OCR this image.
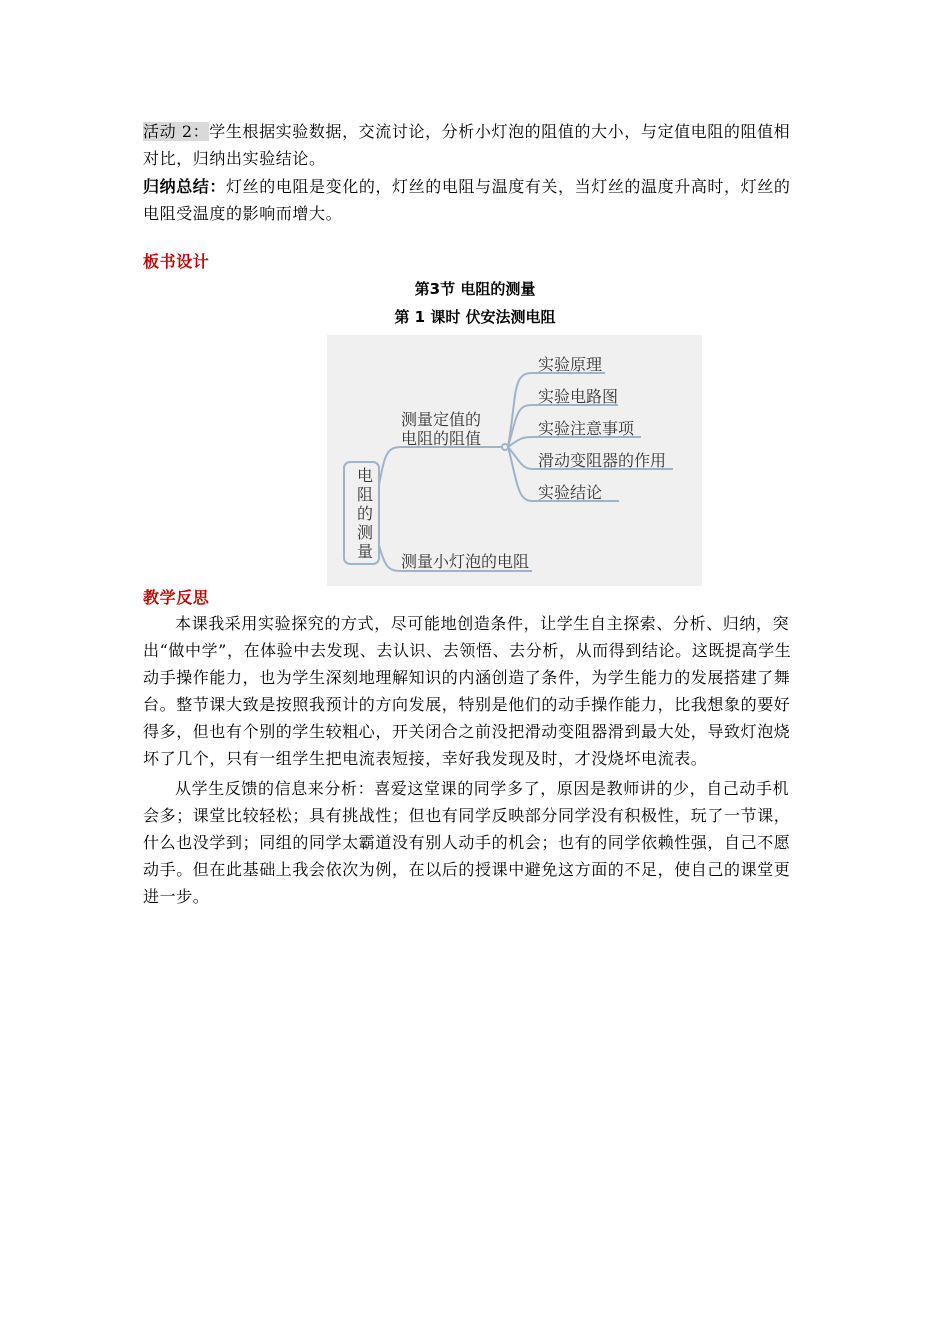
活动 2：学生根据实验数据，交流讨论，分析小灯泡的阻值的大小，与定值电阻的阻值相对比，归纳出实验结论。

归纳总结：灯丝的电阻是变化的，灯丝的电阻与温度有关，当灯丝的温度升高时，灯丝的电阻受温度的影响而增大。

板书设计

第3节 电阻的测量
第 1 课时 伏安法测电阻
电
阻
的
测
量
测量定值的
电阻的阻值
实验原理
实验电路图
实验注意事项
滑动变阻器的作用
实验结论
测量小灯泡的电阻

教学反思

本课我采用实验探究的方式，尽可能地创造条件，让学生自主探索、分析、归纳，突出“做中学”，在体验中去发现、去认识、去领悟、去分析，从而得到结论。这既提高学生动手操作能力，也为学生深刻地理解知识的内涵创造了条件，为学生能力的发展搭建了舞台。整节课大致是按照我预计的方向发展，特别是他们的动手操作能力，比我想象的要好得多，但也有个别的学生较粗心，开关闭合之前没把滑动变阻器滑到最大处，导致灯泡烧坏了几个，只有一组学生把电流表短接，幸好我发现及时，才没烧坏电流表。

从学生反馈的信息来分析：喜爱这堂课的同学多了，原因是教师讲的少，自己动手机会多；课堂比较轻松；具有挑战性；但也有同学反映部分同学没有积极性，玩了一节课，什么也没学到；同组的同学太霸道没有别人动手的机会；也有的同学依赖性强，自己不愿动手。但在此基础上我会依次为例，在以后的授课中避免这方面的不足，使自己的课堂更进一步。
